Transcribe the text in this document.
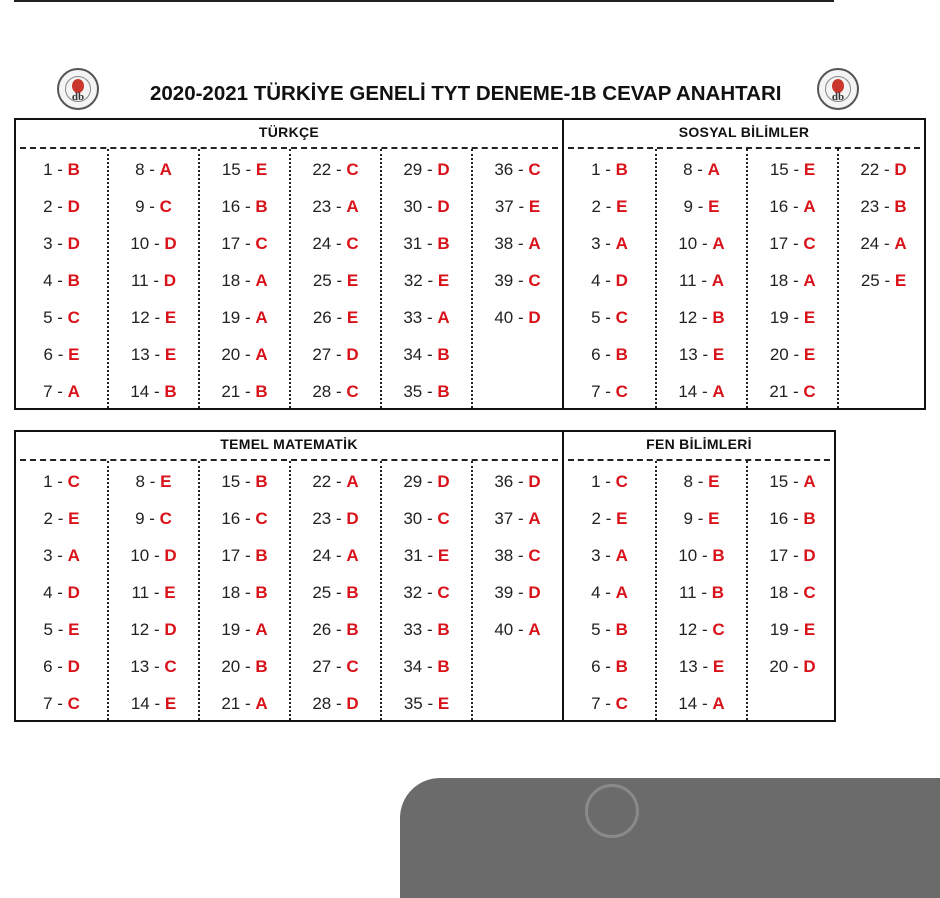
db	db
2020-2021 TÜRKİYE GENELİ TYT DENEME-1B CEVAP ANAHTARI
TÜRKÇE
1 - B
2 - D
3 - D
4 - B
5 - C
6 - E
7 - A
8 - A
9 - C
10 - D
11 - D
12 - E
13 - E
14 - B
15 - E
16 - B
17 - C
18 - A
19 - A
20 - A
21 - B
22 - C
23 - A
24 - C
25 - E
26 - E
27 - D
28 - C
29 - D
30 - D
31 - B
32 - E
33 - A
34 - B
35 - B
36 - C
37 - E
38 - A
39 - C
40 - D
SOSYAL BİLİMLER
1 - B
2 - E
3 - A
4 - D
5 - C
6 - B
7 - C
8 - A
9 - E
10 - A
11 - A
12 - B
13 - E
14 - A
15 - E
16 - A
17 - C
18 - A
19 - E
20 - E
21 - C
22 - D
23 - B
24 - A
25 - E
TEMEL MATEMATİK
1 - C
2 - E
3 - A
4 - D
5 - E
6 - D
7 - C
8 - E
9 - C
10 - D
11 - E
12 - D
13 - C
14 - E
15 - B
16 - C
17 - B
18 - B
19 - A
20 - B
21 - A
22 - A
23 - D
24 - A
25 - B
26 - B
27 - C
28 - D
29 - D
30 - C
31 - E
32 - C
33 - B
34 - B
35 - E
36 - D
37 - A
38 - C
39 - D
40 - A
FEN BİLİMLERİ
1 - C
2 - E
3 - A
4 - A
5 - B
6 - B
7 - C
8 - E
9 - E
10 - B
11 - B
12 - C
13 - E
14 - A
15 - A
16 - B
17 - D
18 - C
19 - E
20 - D
